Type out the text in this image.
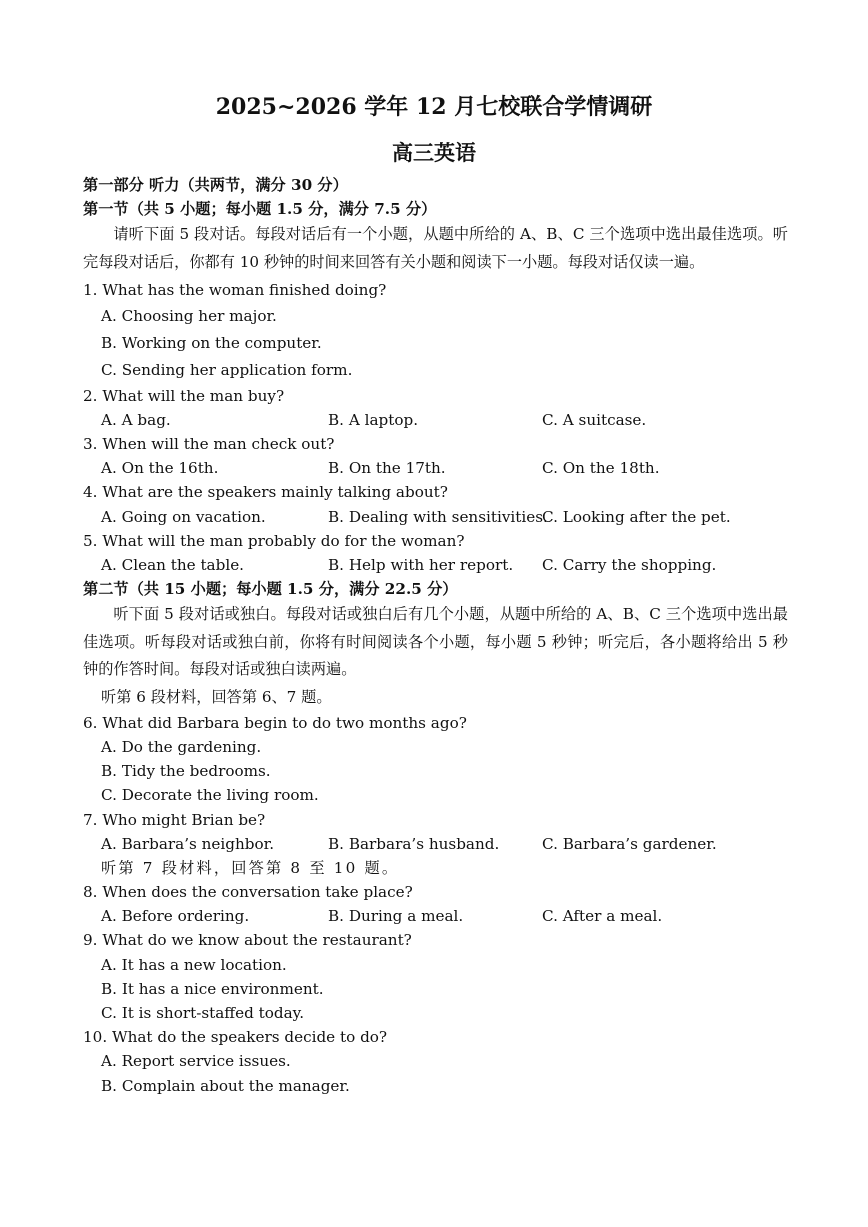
2025~2026 学年 12 月七校联合学情调研
高三英语
第一部分 听力（共两节，满分 30 分）
第一节（共 5 小题；每小题 1.5 分，满分 7.5 分）

请听下面 5 段对话。每段对话后有一个小题，从题中所给的 A、B、C 三个选项中选出最佳选项。听完每段对话后，你都有 10 秒钟的时间来回答有关小题和阅读下一小题。每段对话仅读一遍。

1. What has the woman finished doing?
A. Choosing her major.
B. Working on the computer.
C. Sending her application form.
2. What will the man buy?
A. A bag.	B. A laptop.	C. A suitcase.
3. When will the man check out?
A. On the 16th.	B. On the 17th.	C. On the 18th.
4. What are the speakers mainly talking about?
A. Going on vacation.	B. Dealing with sensitivities.
C. Looking after the pet.
5. What will the man probably do for the woman?
A. Clean the table.	B. Help with her report. C. Carry the shopping.
第二节（共 15 小题；每小题 1.5 分，满分 22.5 分）

听下面 5 段对话或独白。每段对话或独白后有几个小题，从题中所给的 A、B、C 三个选项中选出最佳选项。听每段对话或独白前，你将有时间阅读各个小题，每小题 5 秒钟；听完后，各小题将给出 5 秒钟的作答时间。每段对话或独白读两遍。

听第 6 段材料，回答第 6、7 题。
6. What did Barbara begin to do two months ago?
A. Do the gardening.
B. Tidy the bedrooms.
C. Decorate the living room.
7. Who might Brian be?
A. Barbara’s neighbor.	B. Barbara’s husband.	C. Barbara’s gardener.
听第 7 段材料，回答第 8 至 10 题。
8. When does the conversation take place?
A. Before ordering.	B. During a meal.	C. After a meal.
9. What do we know about the restaurant?
A. It has a new location.
B. It has a nice environment.
C. It is short-staffed today.
10. What do the speakers decide to do?
A. Report service issues.
B. Complain about the manager.
